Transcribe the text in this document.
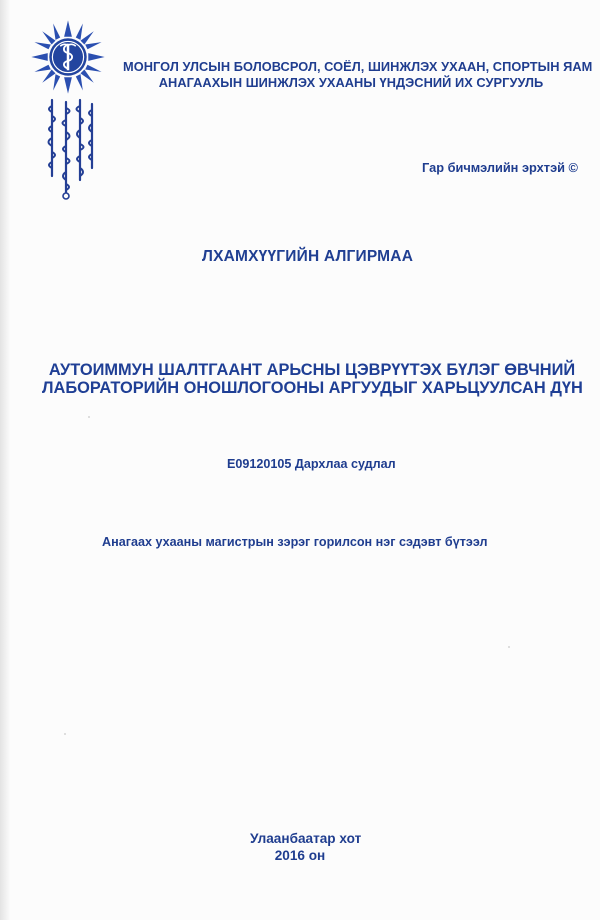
МОНГОЛ УЛСЫН БОЛОВСРОЛ, СОЁЛ, ШИНЖЛЭХ УХААН, СПОРТЫН ЯАМ
АНАГААХЫН ШИНЖЛЭХ УХААНЫ ҮНДЭСНИЙ ИХ СУРГУУЛЬ
Гар бичмэлийн эрхтэй ©
ЛХАМХҮҮГИЙН АЛГИРМАА
АУТОИММУН ШАЛТГААНТ АРЬСНЫ ЦЭВРҮҮТЭХ БҮЛЭГ ӨВЧНИЙ
ЛАБОРАТОРИЙН ОНОШЛОГООНЫ АРГУУДЫГ ХАРЬЦУУЛСАН ДҮН
E09120105 Дархлаа судлал
Анагаах ухааны магистрын зэрэг горилсон нэг сэдэвт бүтээл
Улаанбаатар хот
2016 он
